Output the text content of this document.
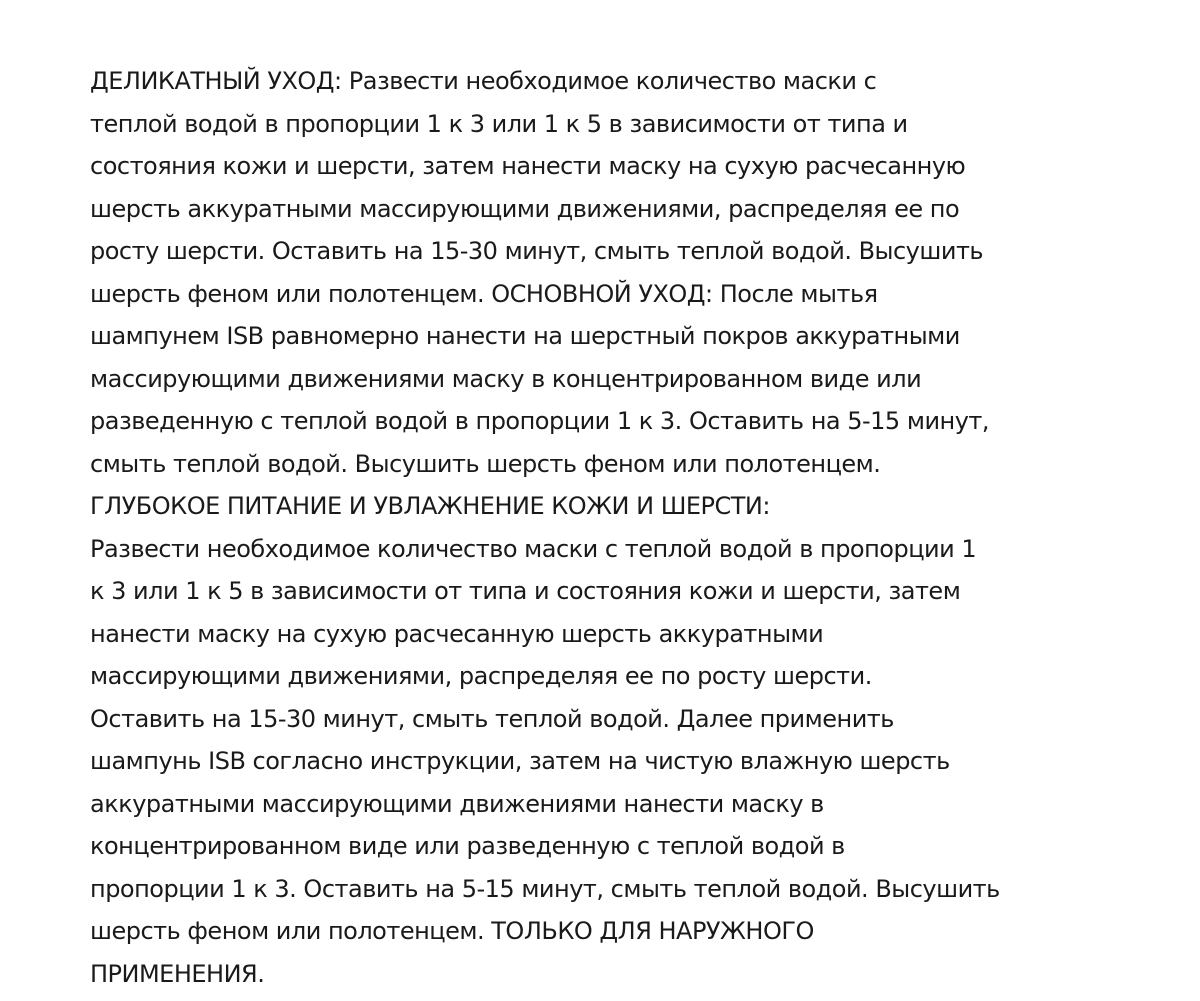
ДЕЛИКАТНЫЙ УХОД: Развести необходимое количество маски с
теплой водой в пропорции 1 к 3 или 1 к 5 в зависимости от типа и
состояния кожи и шерсти, затем нанести маску на сухую расчесанную
шерсть аккуратными массирующими движениями, распределяя ее по
росту шерсти. Оставить на 15-30 минут, смыть теплой водой. Высушить
шерсть феном или полотенцем. ОСНОВНОЙ УХОД: После мытья
шампунем ISB равномерно нанести на шерстный покров аккуратными
массирующими движениями маску в концентрированном виде или
разведенную с теплой водой в пропорции 1 к 3. Оставить на 5-15 минут,
смыть теплой водой. Высушить шерсть феном или полотенцем.
ГЛУБОКОЕ ПИТАНИЕ И УВЛАЖНЕНИЕ КОЖИ И ШЕРСТИ:
Развести необходимое количество маски с теплой водой в пропорции 1
к 3 или 1 к 5 в зависимости от типа и состояния кожи и шерсти, затем
нанести маску на сухую расчесанную шерсть аккуратными
массирующими движениями, распределяя ее по росту шерсти.
Оставить на 15-30 минут, смыть теплой водой. Далее применить
шампунь ISB согласно инструкции, затем на чистую влажную шерсть
аккуратными массирующими движениями нанести маску в
концентрированном виде или разведенную с теплой водой в
пропорции 1 к 3. Оставить на 5-15 минут, смыть теплой водой. Высушить
шерсть феном или полотенцем. ТОЛЬКО ДЛЯ НАРУЖНОГО
ПРИМЕНЕНИЯ.
